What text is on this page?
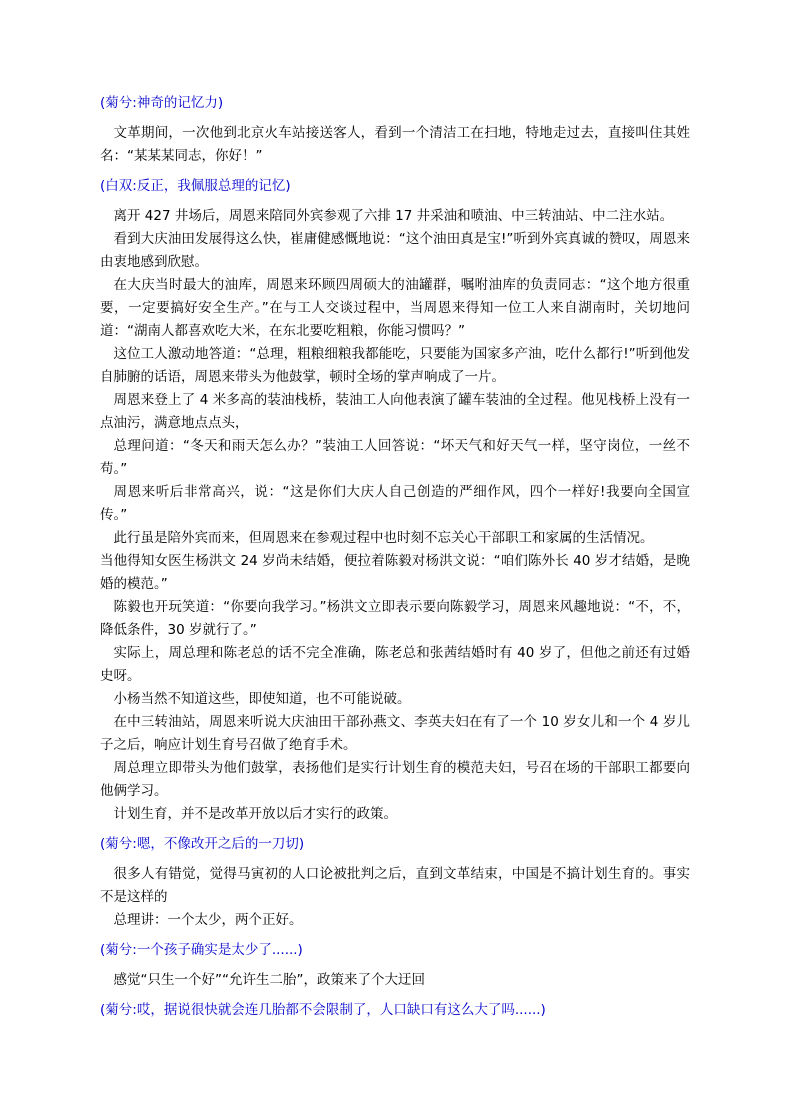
(菊兮:神奇的记忆力)

文革期间，一次他到北京火车站接送客人，看到一个清洁工在扫地，特地走过去，直接叫住其姓名：“某某某同志，你好！”

(白双:反正，我佩服总理的记忆)

离开 427 井场后，周恩来陪同外宾参观了六排 17 井采油和喷油、中三转油站、中二注水站。

看到大庆油田发展得这么快，崔庸健感慨地说：“这个油田真是宝!”听到外宾真诚的赞叹，周恩来由衷地感到欣慰。

在大庆当时最大的油库，周恩来环顾四周硕大的油罐群，嘱咐油库的负责同志：“这个地方很重要，一定要搞好安全生产。”在与工人交谈过程中，当周恩来得知一位工人来自湖南时，关切地问道：“湖南人都喜欢吃大米，在东北要吃粗粮，你能习惯吗？”

这位工人激动地答道：“总理，粗粮细粮我都能吃，只要能为国家多产油，吃什么都行!”听到他发自肺腑的话语，周恩来带头为他鼓掌，顿时全场的掌声响成了一片。

周恩来登上了 4 米多高的装油栈桥，装油工人向他表演了罐车装油的全过程。他见栈桥上没有一点油污，满意地点点头，

总理问道：“冬天和雨天怎么办？”装油工人回答说：“坏天气和好天气一样，坚守岗位，一丝不苟。”

周恩来听后非常高兴，说：“这是你们大庆人自己创造的严细作风，四个一样好!我要向全国宣传。”

此行虽是陪外宾而来，但周恩来在参观过程中也时刻不忘关心干部职工和家属的生活情况。

当他得知女医生杨洪文 24 岁尚未结婚，便拉着陈毅对杨洪文说：“咱们陈外长 40 岁才结婚，是晚婚的模范。”

陈毅也开玩笑道：“你要向我学习。”杨洪文立即表示要向陈毅学习，周恩来风趣地说：“不，不，降低条件，30 岁就行了。”

实际上，周总理和陈老总的话不完全准确，陈老总和张茜结婚时有 40 岁了，但他之前还有过婚史呀。

小杨当然不知道这些，即使知道，也不可能说破。

在中三转油站，周恩来听说大庆油田干部孙燕文、李英夫妇在有了一个 10 岁女儿和一个 4 岁儿子之后，响应计划生育号召做了绝育手术。

周总理立即带头为他们鼓掌，表扬他们是实行计划生育的模范夫妇，号召在场的干部职工都要向他俩学习。

计划生育，并不是改革开放以后才实行的政策。

(菊兮:嗯，不像改开之后的一刀切)

很多人有错觉，觉得马寅初的人口论被批判之后，直到文革结束，中国是不搞计划生育的。事实不是这样的

总理讲：一个太少，两个正好。

(菊兮:一个孩子确实是太少了......)

感觉“只生一个好”“允许生二胎”，政策来了个大迂回

(菊兮:哎，据说很快就会连几胎都不会限制了，人口缺口有这么大了吗......)
